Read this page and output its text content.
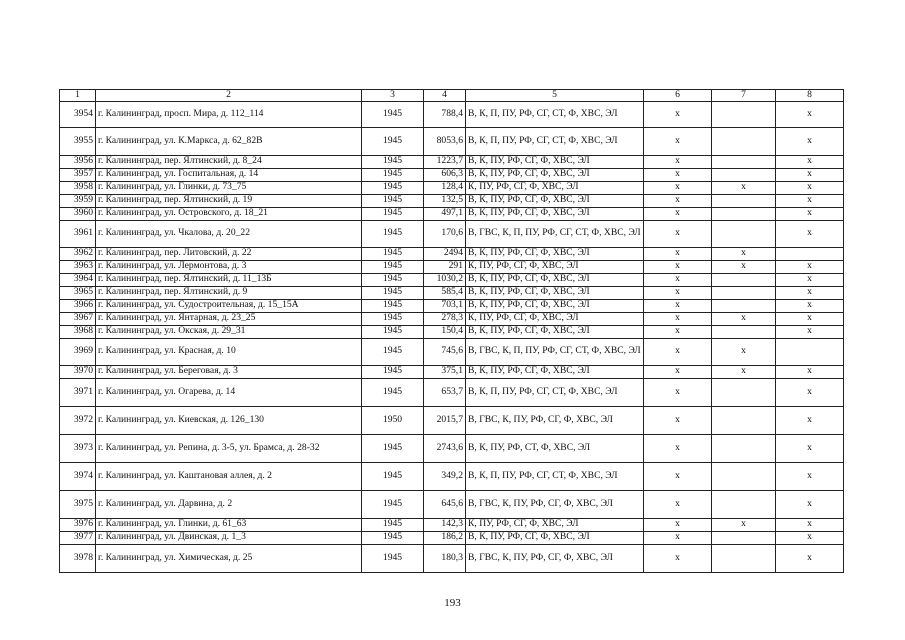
1	2	3	4	5	6	7	8
3954	г. Калининград, просп. Мира, д. 112_114	1945	788,4	В, К, П, ПУ, РФ, СГ, СТ, Ф, ХВС, ЭЛ	х		х
3955	г. Калининград, ул. К.Маркса, д. 62_82В	1945	8053,6	В, К, П, ПУ, РФ, СГ, СТ, Ф, ХВС, ЭЛ	х		х
3956	г. Калининград, пер. Ялтинский, д. 8_24	1945	1223,7	В, К, ПУ, РФ, СГ, Ф, ХВС, ЭЛ	х		х
3957	г. Калининград, ул. Госпитальная, д. 14	1945	606,3	В, К, ПУ, РФ, СГ, Ф, ХВС, ЭЛ	х		х
3958	г. Калининград, ул. Глинки, д. 73_75	1945	128,4	К, ПУ, РФ, СГ, Ф, ХВС, ЭЛ	х	х	х
3959	г. Калининград, пер. Ялтинский, д. 19	1945	132,5	В, К, ПУ, РФ, СГ, Ф, ХВС, ЭЛ	х		х
3960	г. Калининград, ул. Островского, д. 18_21	1945	497,1	В, К, ПУ, РФ, СГ, Ф, ХВС, ЭЛ	х		х
3961	г. Калининград, ул. Чкалова, д. 20_22	1945	170,6	В, ГВС, К, П, ПУ, РФ, СГ, СТ, Ф, ХВС, ЭЛ	х		х
3962	г. Калининград, пер. Литовский, д. 22	1945	2494	В, К, ПУ, РФ, СГ, Ф, ХВС, ЭЛ	х	х	
3963	г. Калининград, ул. Лермонтова, д. 3	1945	291	К, ПУ, РФ, СГ, Ф, ХВС, ЭЛ	х	х	х
3964	г. Калининград, пер. Ялтинский, д. 11_13Б	1945	1030,2	В, К, ПУ, РФ, СГ, Ф, ХВС, ЭЛ	х		х
3965	г. Калининград, пер. Ялтинский, д. 9	1945	585,4	В, К, ПУ, РФ, СГ, Ф, ХВС, ЭЛ	х		х
3966	г. Калининград, ул. Судостроительная, д. 15_15А	1945	703,1	В, К, ПУ, РФ, СГ, Ф, ХВС, ЭЛ	х		х
3967	г. Калининград, ул. Янтарная, д. 23_25	1945	278,3	К, ПУ, РФ, СГ, Ф, ХВС, ЭЛ	х	х	х
3968	г. Калининград, ул. Окская, д. 29_31	1945	150,4	В, К, ПУ, РФ, СГ, Ф, ХВС, ЭЛ	х		х
3969	г. Калининград, ул. Красная, д. 10	1945	745,6	В, ГВС, К, П, ПУ, РФ, СГ, СТ, Ф, ХВС, ЭЛ	х	х	
3970	г. Калининград, ул. Береговая, д. 3	1945	375,1	В, К, ПУ, РФ, СГ, Ф, ХВС, ЭЛ	х	х	х
3971	г. Калининград, ул. Огарева, д. 14	1945	653,7	В, К, П, ПУ, РФ, СГ, СТ, Ф, ХВС, ЭЛ	х		х
3972	г. Калининград, ул. Киевская, д. 126_130	1950	2015,7	В, ГВС, К, ПУ, РФ, СГ, Ф, ХВС, ЭЛ	х		х
3973	г. Калининград, ул. Репина, д. 3-5, ул. Брамса, д. 28-32	1945	2743,6	В, К, ПУ, РФ, СТ, Ф, ХВС, ЭЛ	х		х
3974	г. Калининград, ул. Каштановая аллея, д. 2	1945	349,2	В, К, П, ПУ, РФ, СГ, СТ, Ф, ХВС, ЭЛ	х		х
3975	г. Калининград, ул. Дарвина, д. 2	1945	645,6	В, ГВС, К, ПУ, РФ, СГ, Ф, ХВС, ЭЛ	х		х
3976	г. Калининград, ул. Глинки, д. 61_63	1945	142,3	К, ПУ, РФ, СГ, Ф, ХВС, ЭЛ	х	х	х
3977	г. Калининград, ул. Двинская, д. 1_3	1945	186,2	В, К, ПУ, РФ, СГ, Ф, ХВС, ЭЛ	х		х
3978	г. Калининград, ул. Химическая, д. 25	1945	180,3	В, ГВС, К, ПУ, РФ, СГ, Ф, ХВС, ЭЛ	х		х
193
